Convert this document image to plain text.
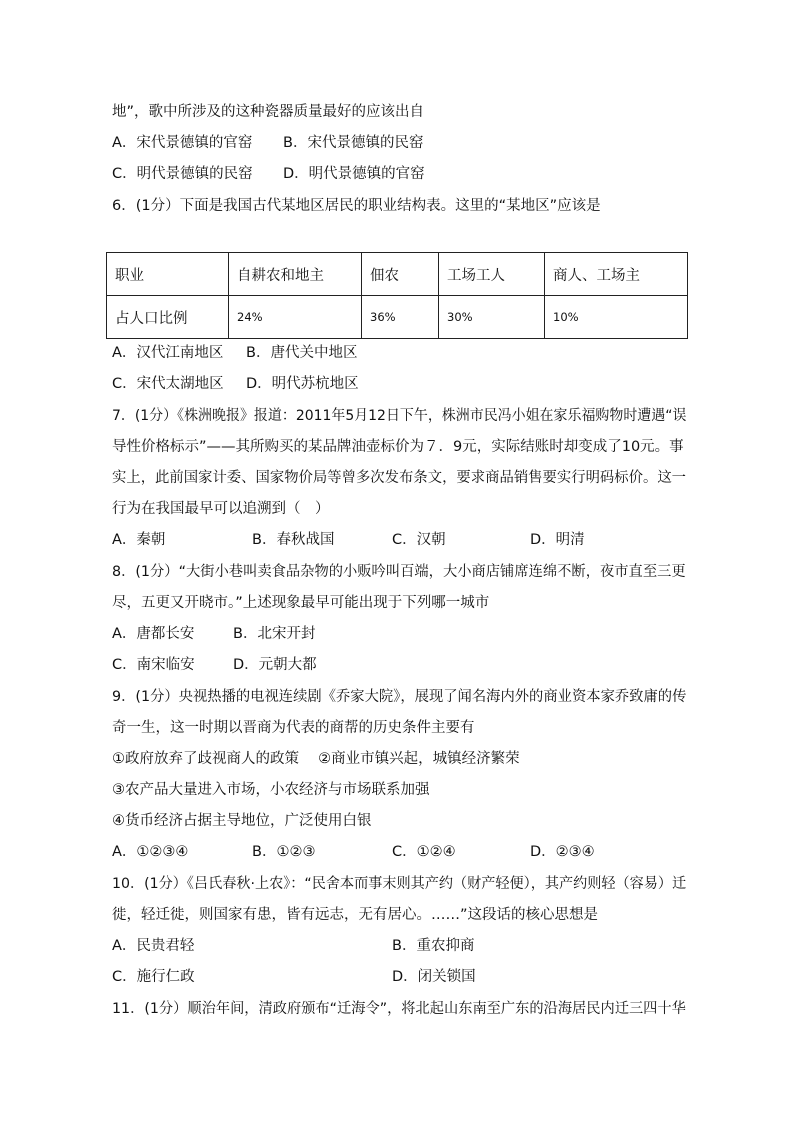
地”，歌中所涉及的这种瓷器质量最好的应该出自
A．宋代景德镇的官窑 B．宋代景德镇的民窑
C．明代景德镇的民窑 D．明代景德镇的官窑
6．(1分）下面是我国古代某地区居民的职业结构表。这里的“某地区”应该是
职业	自耕农和地主	佃农	工场工人	商人、工场主
占人口比例	24%	36%	30%	10%
A．汉代江南地区 B．唐代关中地区
C．宋代太湖地区 D．明代苏杭地区
7．(1分）《株洲晚报》报道：2011年5月12日下午，株洲市民冯小姐在家乐福购物时遭遇“误
导性价格标示”——其所购买的某品牌油壶标价为７．9元，实际结账时却变成了10元。事
实上，此前国家计委、国家物价局等曾多次发布条文，要求商品销售要实行明码标价。这一
行为在我国最早可以追溯到（　）
A．秦朝	B．春秋战国	C．汉朝	D．明清
8．(1分）“大街小巷叫卖食品杂物的小贩吟叫百端，大小商店铺席连绵不断，夜市直至三更
尽，五更又开晓市。”上述现象最早可能出现于下列哪一城市
A．唐都长安	B．北宋开封
C．南宋临安	D．元朝大都
9．(1分）央视热播的电视连续剧《乔家大院》，展现了闻名海内外的商业资本家乔致庸的传
奇一生，这一时期以晋商为代表的商帮的历史条件主要有
①政府放弃了歧视商人的政策　 ②商业市镇兴起，城镇经济繁荣
③农产品大量进入市场，小农经济与市场联系加强
④货币经济占据主导地位，广泛使用白银
A．①②③④	B．①②③	C．①②④	D．②③④
10．(1分）《吕氏春秋·上农》：“民舍本而事末则其产约（财产轻便），其产约则轻（容易）迁
徙，轻迁徙，则国家有患，皆有远志，无有居心。……”这段话的核心思想是
A．民贵君轻	B．重农抑商
C．施行仁政	D．闭关锁国
11．(1分）顺治年间，清政府颁布“迁海令”，将北起山东南至广东的沿海居民内迁三四十华
